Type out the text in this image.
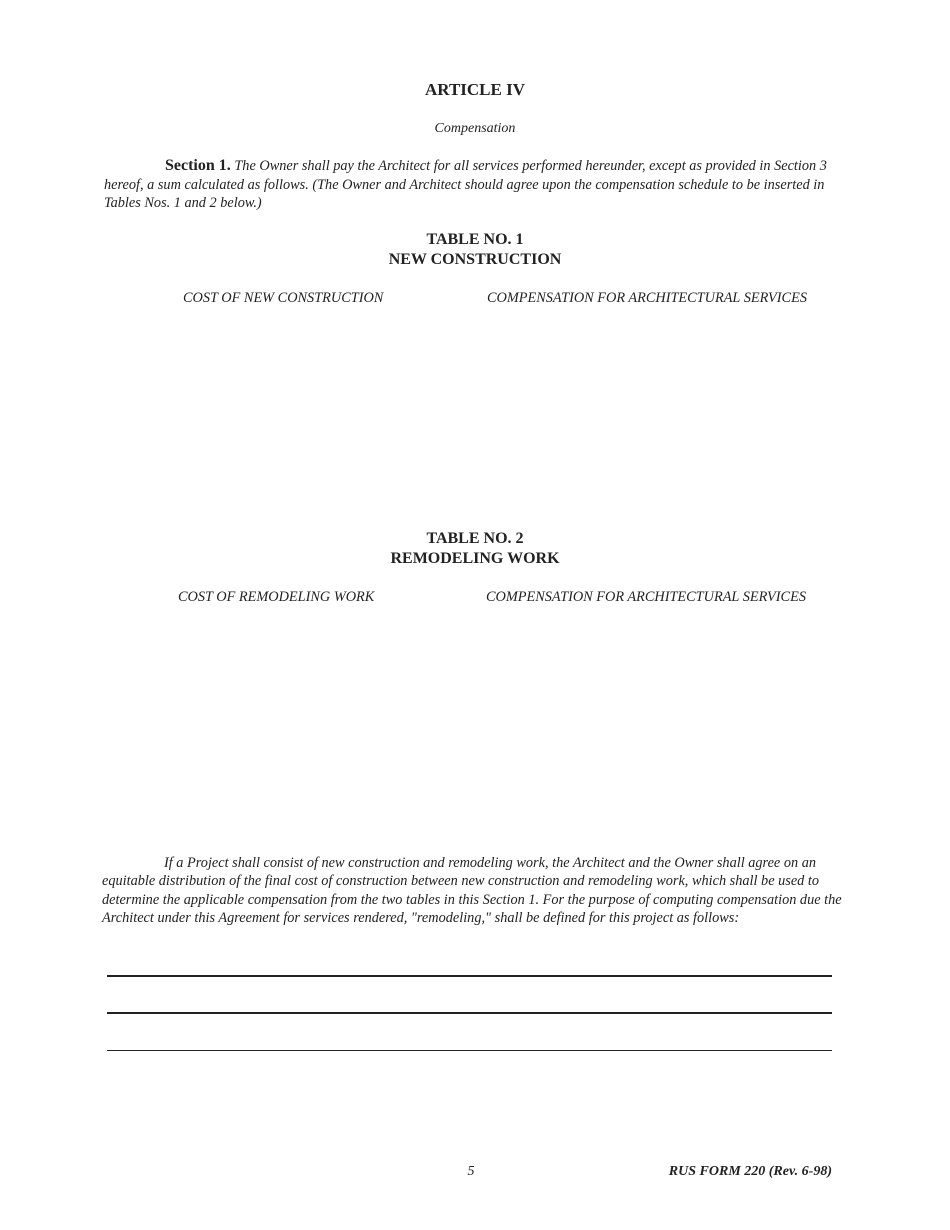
ARTICLE IV
Compensation
Section 1. The Owner shall pay the Architect for all services performed hereunder, except as provided in Section 3 hereof, a sum calculated as follows. (The Owner and Architect should agree upon the compensation schedule to be inserted in Tables Nos. 1 and 2 below.)
TABLE NO. 1
NEW CONSTRUCTION
COST OF NEW CONSTRUCTION	COMPENSATION FOR ARCHITECTURAL SERVICES
TABLE NO. 2
REMODELING WORK
COST OF REMODELING WORK	COMPENSATION FOR ARCHITECTURAL SERVICES
If a Project shall consist of new construction and remodeling work, the Architect and the Owner shall agree on an equitable distribution of the final cost of construction between new construction and remodeling work, which shall be used to determine the applicable compensation from the two tables in this Section 1. For the purpose of computing compensation due the Architect under this Agreement for services rendered, "remodeling," shall be defined for this project as follows:
5	RUS FORM 220 (Rev. 6-98)
